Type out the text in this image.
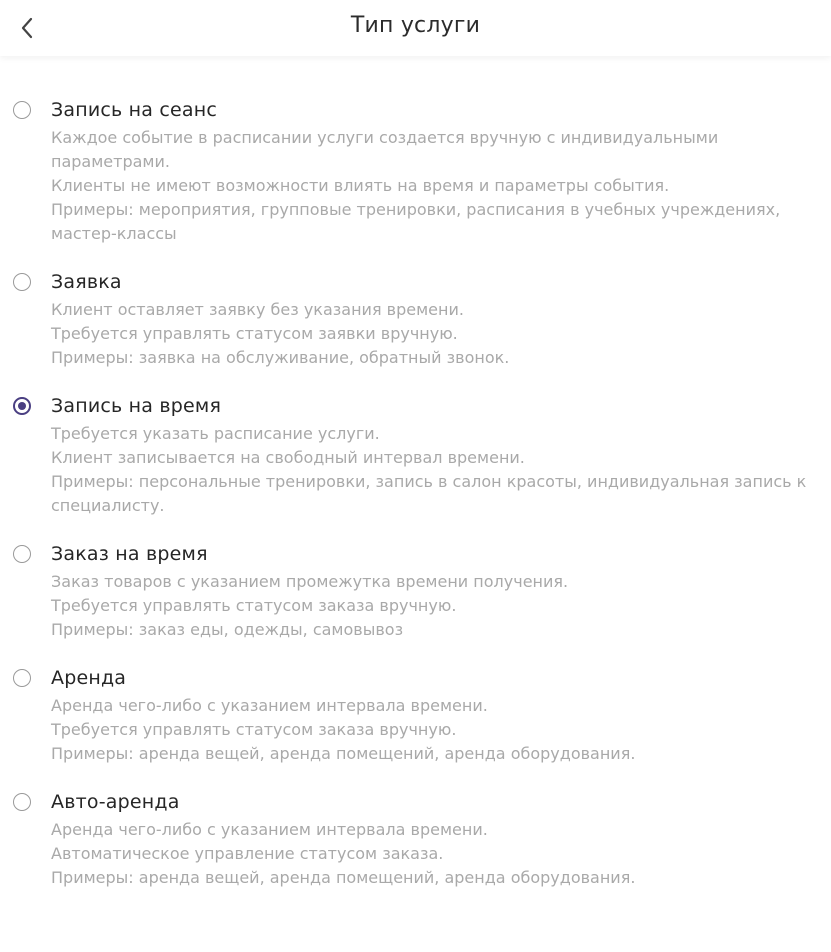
Тип услуги
Запись на сеанс
Каждое событие в расписании услуги создается вручную с индивидуальными параметрами.
Клиенты не имеют возможности влиять на время и параметры события.
Примеры: мероприятия, групповые тренировки, расписания в учебных учреждениях, мастер-классы
Заявка
Клиент оставляет заявку без указания времени.
Требуется управлять статусом заявки вручную.
Примеры: заявка на обслуживание, обратный звонок.
Запись на время
Требуется указать расписание услуги.
Клиент записывается на свободный интервал времени.
Примеры: персональные тренировки, запись в салон красоты, индивидуальная запись к специалисту.
Заказ на время
Заказ товаров с указанием промежутка времени получения.
Требуется управлять статусом заказа вручную.
Примеры: заказ еды, одежды, самовывоз
Аренда
Аренда чего-либо с указанием интервала времени.
Требуется управлять статусом заказа вручную.
Примеры: аренда вещей, аренда помещений, аренда оборудования.
Авто-аренда
Аренда чего-либо с указанием интервала времени.
Автоматическое управление статусом заказа.
Примеры: аренда вещей, аренда помещений, аренда оборудования.
